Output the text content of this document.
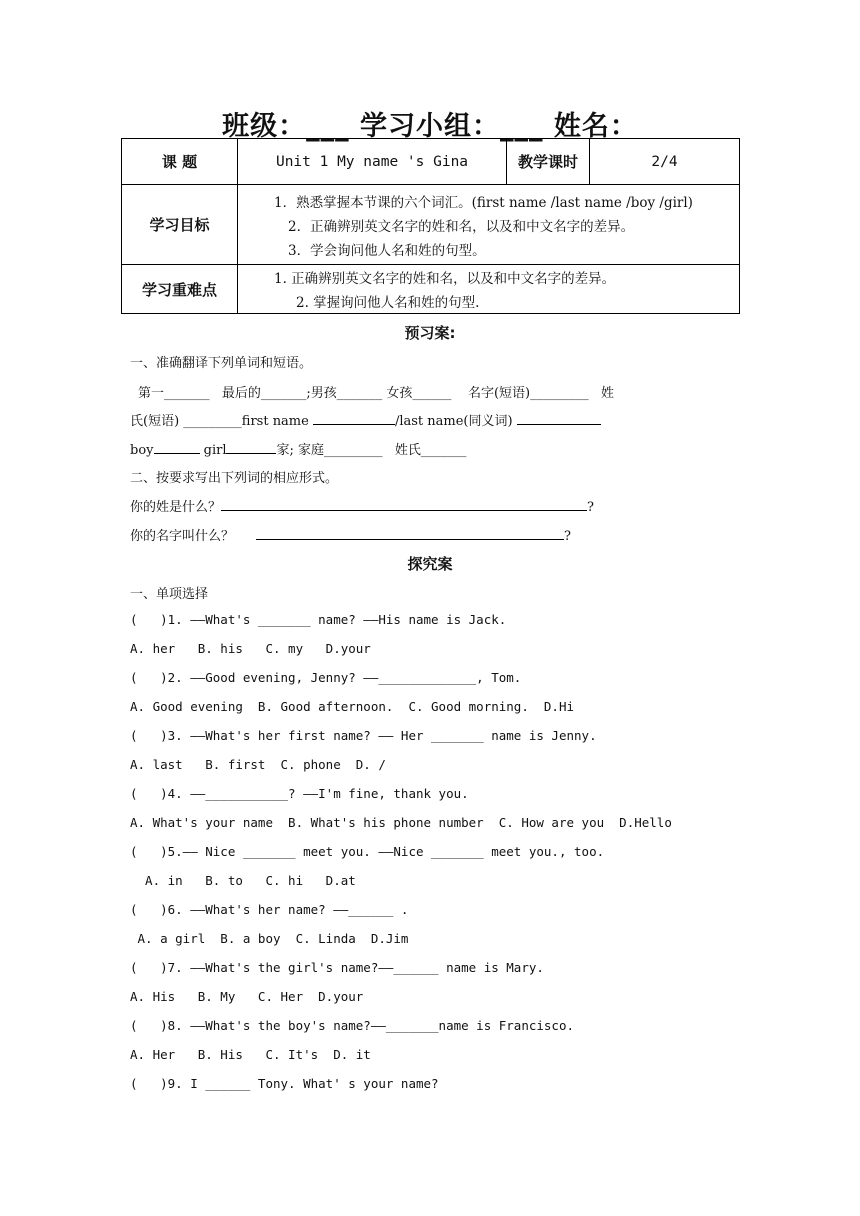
班级：___ 学习小组：___ 姓名：
课 题	Unit 1 My name 's Gina	教学课时	2/4
学习目标	1．熟悉掌握本节课的六个词汇。(first name /last name /boy /girl)

2．正确辨别英文名字的姓和名，以及和中文名字的差异。

3．学会询问他人名和姓的句型。		

学习重难点	1. 正确辨别英文名字的姓和名，以及和中文名字的差异。

2. 掌握询问他人名和姓的句型.		

预习案:
一、准确翻译下列单词和短语。
第一_______   最后的_______;男孩_______ 女孩______    名字(短语)_________   姓
氏(短语) _________first name	/last name(同义词)
boy	girl	家; 家庭_________   姓氏_______
二、按要求写出下列词的相应形式。
你的姓是什么？	?
你的名字叫什么？	?
探究案
一、单项选择
(   )1. ——What's _______ name? ——His name is Jack.
A. her   B. his   C. my   D.your
(   )2. ——Good evening, Jenny? ——_____________, Tom.
A. Good evening  B. Good afternoon.  C. Good morning.  D.Hi
(   )3. ——What's her first name? —— Her _______ name is Jenny.
A. last   B. first  C. phone  D. /
(   )4. ——___________? ——I'm fine, thank you.
A. What's your name  B. What's his phone number  C. How are you  D.Hello
(   )5.—— Nice _______ meet you. ——Nice _______ meet you., too.
A. in   B. to   C. hi   D.at
(   )6. ——What's her name? ——______ .
A. a girl  B. a boy  C. Linda  D.Jim
(   )7. ——What's the girl's name?——______ name is Mary.
A. His   B. My   C. Her  D.your
(   )8. ——What's the boy's name?——_______name is Francisco.
A. Her   B. His   C. It's  D. it
(   )9. I ______ Tony. What' s your name?
